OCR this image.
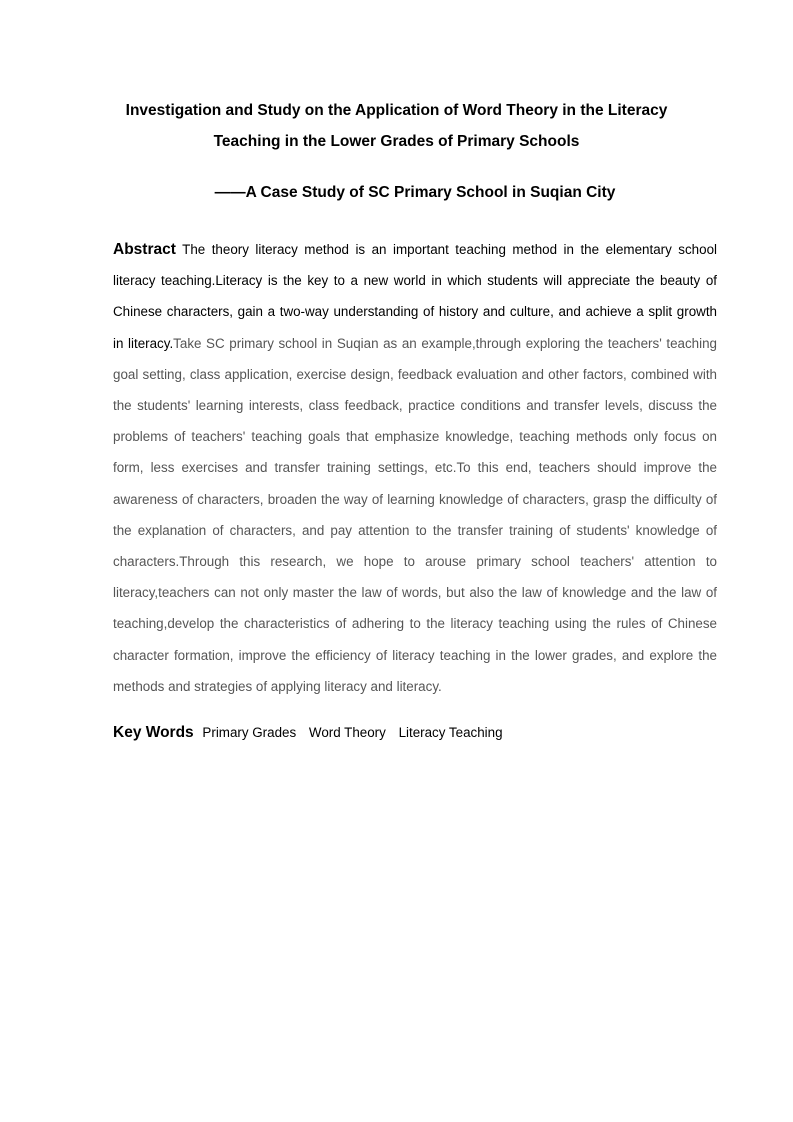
Investigation and Study on the Application of Word Theory in the Literacy Teaching in the Lower Grades of Primary Schools
——A Case Study of SC Primary School in Suqian City

Abstract The theory literacy method is an important teaching method in the elementary school literacy teaching.Literacy is the key to a new world in which students will appreciate the beauty of Chinese characters, gain a two-way understanding of history and culture, and achieve a split growth in literacy.Take SC primary school in Suqian as an example,through exploring the teachers' teaching goal setting, class application, exercise design, feedback evaluation and other factors, combined with the students' learning interests, class feedback, practice conditions and transfer levels, discuss the problems of teachers' teaching goals that emphasize knowledge, teaching methods only focus on form, less exercises and transfer training settings, etc.To this end, teachers should improve the awareness of characters, broaden the way of learning knowledge of characters, grasp the difficulty of the explanation of characters, and pay attention to the transfer training of students' knowledge of characters.Through this research, we hope to arouse primary school teachers' attention to literacy,teachers can not only master the law of words, but also the law of knowledge and the law of teaching,develop the characteristics of adhering to the literacy teaching using the rules of Chinese character formation, improve the efficiency of literacy teaching in the lower grades, and explore the methods and strategies of applying literacy and literacy.

Key Words Primary Grades Word Theory Literacy Teaching
